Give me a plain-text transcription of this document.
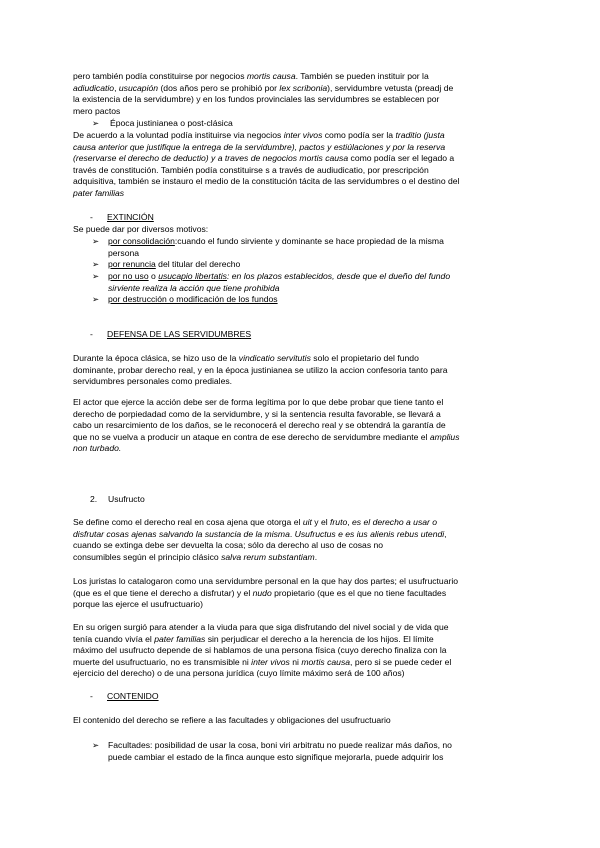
pero también podía constituirse por negocios mortis causa. También se pueden instituir por la
adiudicatio, usucapión (dos años pero se prohibió por lex scribonia), servidumbre vetusta (preadj de
la existencia de la servidumbre) y en los fundos provinciales las servidumbres se establecen por
mero pactos
➢	Época justinianea o post-clásica
De acuerdo a la voluntad podía instituirse via negocios inter vivos como podía ser la traditio (justa
causa anterior que justifique la entrega de la servidumbre), pactos y estiúlaciones y por la reserva
(reservarse el derecho de deductio) y a traves de negocios mortis causa como podía ser el legado a
través de constitución. También podía constituirse s a través de audiudicatio, por prescripción
adquisitiva, también se instauro el medio de la constitución tácita de las servidumbres o el destino del
pater familias
- EXTINCIÓN
Se puede dar por diversos motivos:
➢	por consolidación:cuando el fundo sirviente y dominante se hace propiedad de la misma
persona
➢	por renuncia del titular del derecho
➢	por no uso o usucapio libertatis: en los plazos establecidos, desde que el dueño del fundo
sirviente realiza la acción que tiene prohibida
➢	por destrucción o modificación de los fundos
- DEFENSA DE LAS SERVIDUMBRES
Durante la época clásica, se hizo uso de la vindicatio servitutis solo el propietario del fundo
dominante, probar derecho real, y en la época justinianea se utilizo la accion confesoria tanto para
servidumbres personales como prediales.
El actor que ejerce la acción debe ser de forma legítima por lo que debe probar que tiene tanto el
derecho de porpiedadad como de la servidumbre, y si la sentencia resulta favorable, se llevará a
cabo un resarcimiento de los daños, se le reconocerá el derecho real y se obtendrá la garantía de
que no se vuelva a producir un ataque en contra de ese derecho de servidumbre mediante el amplius
non turbado.
2. Usufructo
Se define como el derecho real en cosa ajena que otorga el uit y el fruto, es el derecho a usar o
disfrutar cosas ajenas salvando la sustancia de la misma. Usufructus e es ius alienis rebus utendi,
cuando se extinga debe ser devuelta la cosa; sólo da derecho al uso de cosas no
consumibles según el principio clásico salva rerum substantiam.
Los juristas lo catalogaron como una servidumbre personal en la que hay dos partes; el usufructuario
(que es el que tiene el derecho a disfrutar) y el nudo propietario (que es el que no tiene facultades
porque las ejerce el usufructuario)
En su origen surgió para atender a la viuda para que siga disfrutando del nivel social y de vida que
tenía cuando vivía el pater familias sin perjudicar el derecho a la herencia de los hijos. El límite
máximo del usufructo depende de si hablamos de una persona física (cuyo derecho finaliza con la
muerte del usufructuario, no es transmisible ni inter vivos ni mortis causa, pero si se puede ceder el
ejercicio del derecho) o de una persona jurídica (cuyo límite máximo será de 100 años)
- CONTENIDO
El contenido del derecho se refiere a las facultades y obligaciones del usufructuario
➢	Facultades: posibilidad de usar la cosa, boni viri arbitratu no puede realizar más daños, no
puede cambiar el estado de la finca aunque esto signifique mejorarla, puede adquirir los
